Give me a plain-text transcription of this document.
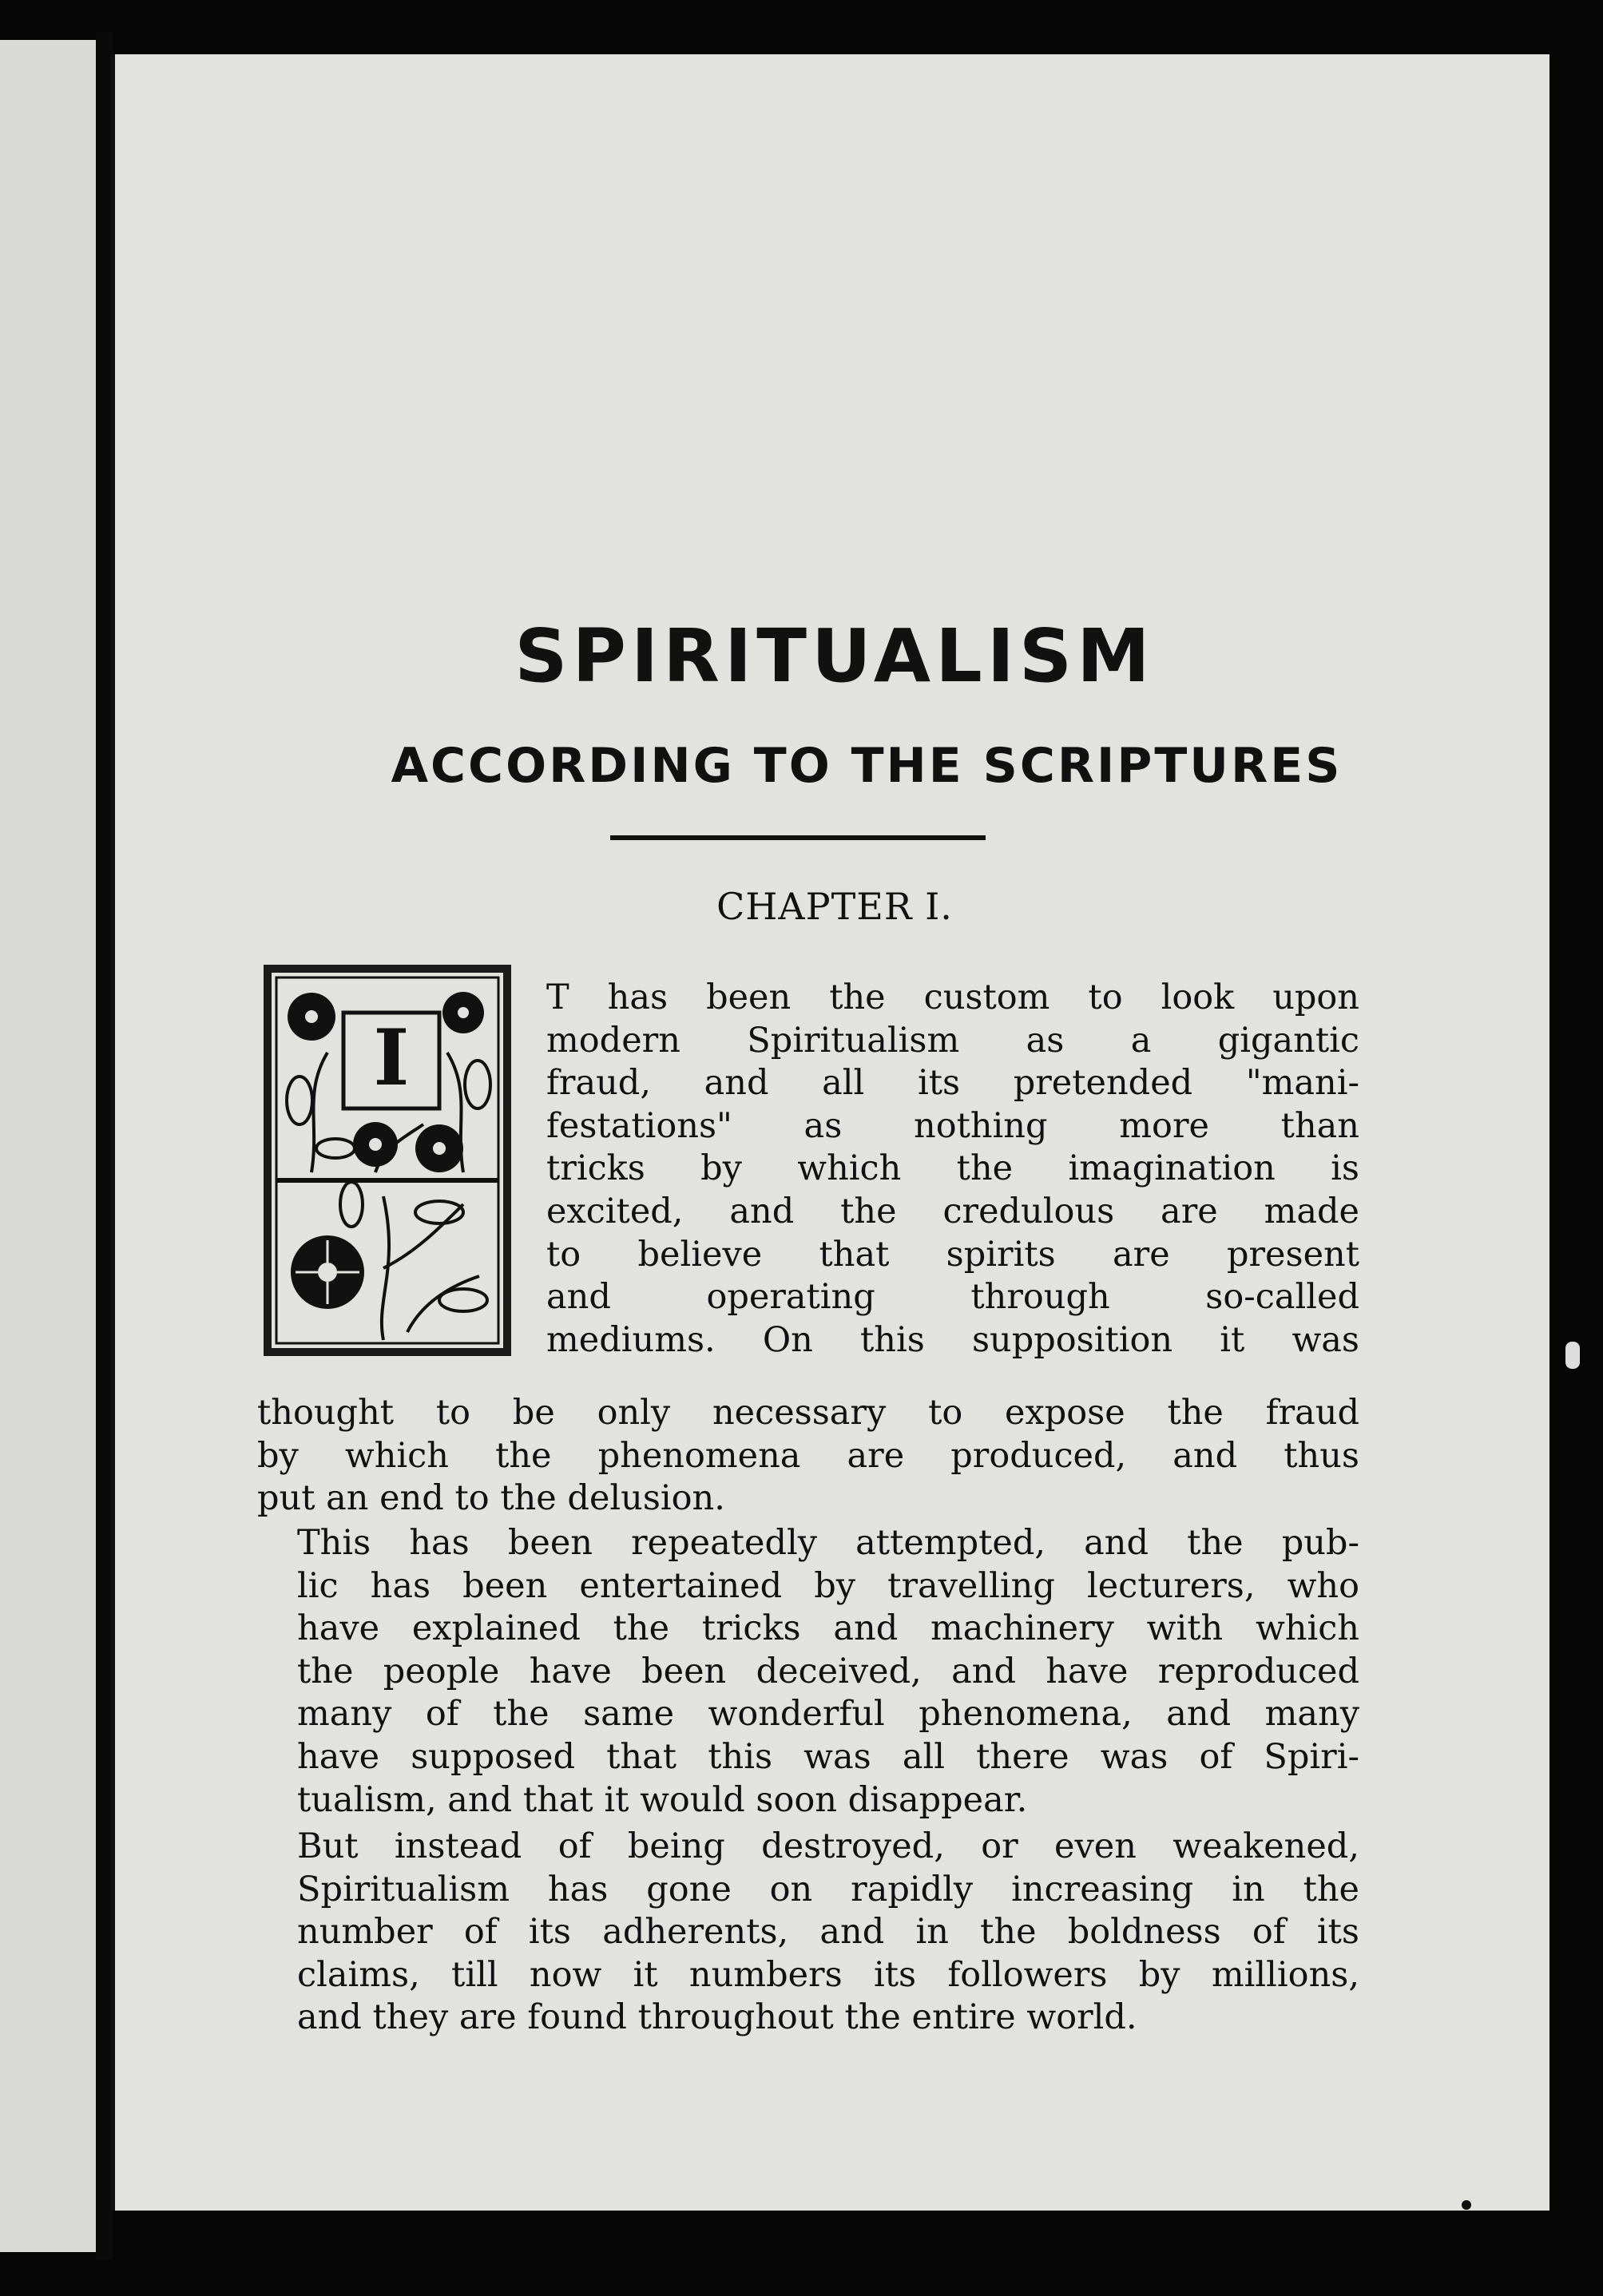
SPIRITUALISM
ACCORDING TO THE SCRIPTURES
CHAPTER I.
I
T has been the custom to look upon
modern Spiritualism as a gigantic
fraud, and all its pretended "mani-
festations" as nothing more than
tricks by which the imagination is
excited, and the credulous are made
to believe that spirits are present
and operating through so-called
mediums. On this supposition it was
thought to be only necessary to expose the fraud
by which the phenomena are produced, and thus
put an end to the delusion.
This has been repeatedly attempted, and the pub-
lic has been entertained by travelling lecturers, who
have explained the tricks and machinery with which
the people have been deceived, and have reproduced
many of the same wonderful phenomena, and many
have supposed that this was all there was of Spiri-
tualism, and that it would soon disappear.
But instead of being destroyed, or even weakened,
Spiritualism has gone on rapidly increasing in the
number of its adherents, and in the boldness of its
claims, till now it numbers its followers by millions,
and they are found throughout the entire world.
